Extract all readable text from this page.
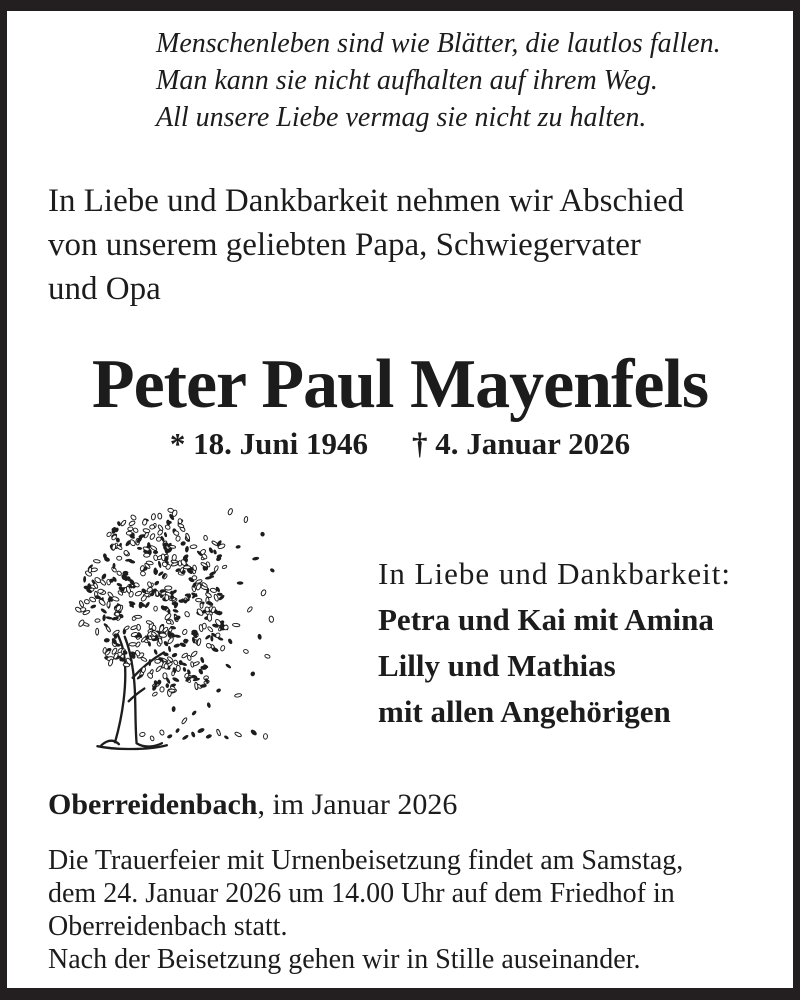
Menschenleben sind wie Blätter, die lautlos fallen.
Man kann sie nicht aufhalten auf ihrem Weg.
All unsere Liebe vermag sie nicht zu halten.
In Liebe und Dankbarkeit nehmen wir Abschied
von unserem geliebten Papa, Schwiegervater
und Opa
Peter Paul Mayenfels
* 18. Juni 1946 † 4. Januar 2026
In Liebe und Dankbarkeit:
Petra und Kai mit Amina
Lilly und Mathias
mit allen Angehörigen
Oberreidenbach, im Januar 2026
Die Trauerfeier mit Urnenbeisetzung findet am Samstag,
dem 24. Januar 2026 um 14.00 Uhr auf dem Friedhof in
Oberreidenbach statt.
Nach der Beisetzung gehen wir in Stille auseinander.
